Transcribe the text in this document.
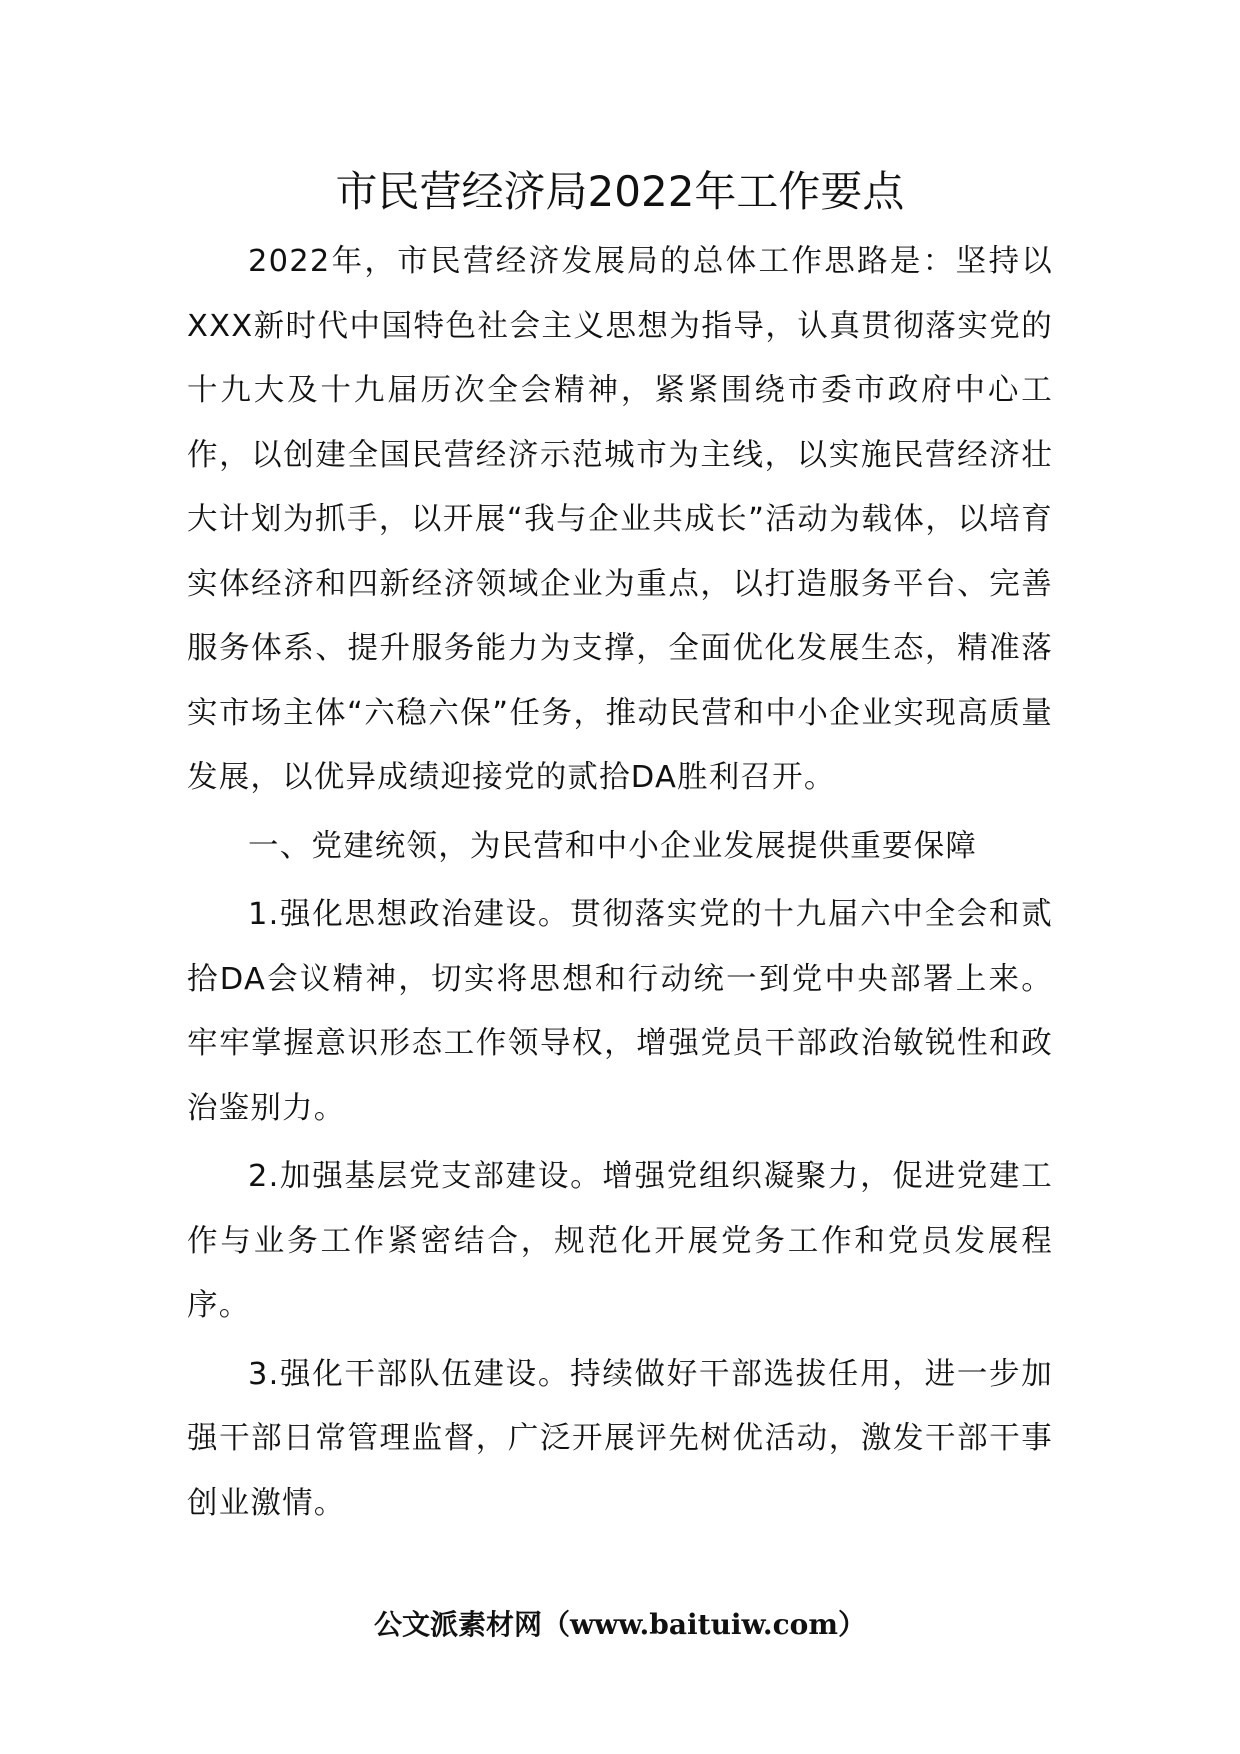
市民营经济局2022年工作要点

2022年，市民营经济发展局的总体工作思路是：坚持以XXX新时代中国特色社会主义思想为指导，认真贯彻落实党的十九大及十九届历次全会精神，紧紧围绕市委市政府中心工作，以创建全国民营经济示范城市为主线，以实施民营经济壮大计划为抓手，以开展“我与企业共成长”活动为载体，以培育实体经济和四新经济领域企业为重点，以打造服务平台、完善服务体系、提升服务能力为支撑，全面优化发展生态，精准落实市场主体“六稳六保”任务，推动民营和中小企业实现高质量发展，以优异成绩迎接党的贰拾DA胜利召开。

一、党建统领，为民营和中小企业发展提供重要保障

1.强化思想政治建设。贯彻落实党的十九届六中全会和贰拾DA会议精神，切实将思想和行动统一到党中央部署上来。牢牢掌握意识形态工作领导权，增强党员干部政治敏锐性和政治鉴别力。

2.加强基层党支部建设。增强党组织凝聚力，促进党建工作与业务工作紧密结合，规范化开展党务工作和党员发展程序。

3.强化干部队伍建设。持续做好干部选拔任用，进一步加强干部日常管理监督，广泛开展评先树优活动，激发干部干事创业激情。

公文派素材网（www.baituiw.com）
